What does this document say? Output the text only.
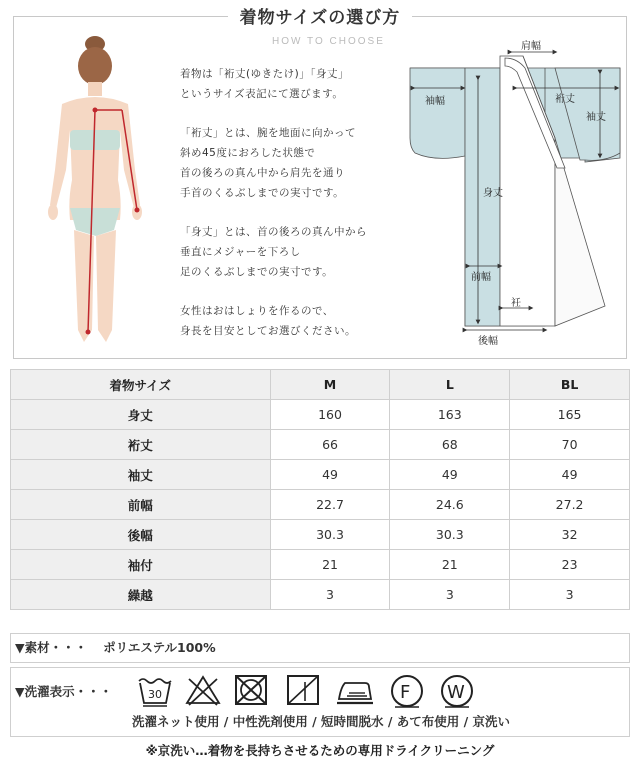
着物サイズの選び方
HOW TO CHOOSE

着物は「裄丈(ゆきたけ)」「身丈」
というサイズ表記にて選びます。

「裄丈」とは、腕を地面に向かって
斜め45度におろした状態で
首の後ろの真ん中から肩先を通り
手首のくるぶしまでの実寸です。

「身丈」とは、首の後ろの真ん中から
垂直にメジャーを下ろし
足のくるぶしまでの実寸です。

女性はおはしょりを作るので、
身長を目安としてお選びください。

肩幅
裄丈
袖幅
袖丈
身丈
前幅
衽
後幅
着物サイズ	M	L	BL
身丈	160	163	165
裄丈	66	68	70
袖丈	49	49	49
前幅	22.7	24.6	27.2
後幅	30.3	30.3	32
袖付	21	21	23
繰越	3	3	3
▼素材・・・ ポリエステル100%
▼洗濯表示・・・	30	F W
洗濯ネット使用 / 中性洗剤使用 / 短時間脱水 / あて布使用 / 京洗い
※京洗い…着物を長持ちさせるための専用ドライクリーニング
